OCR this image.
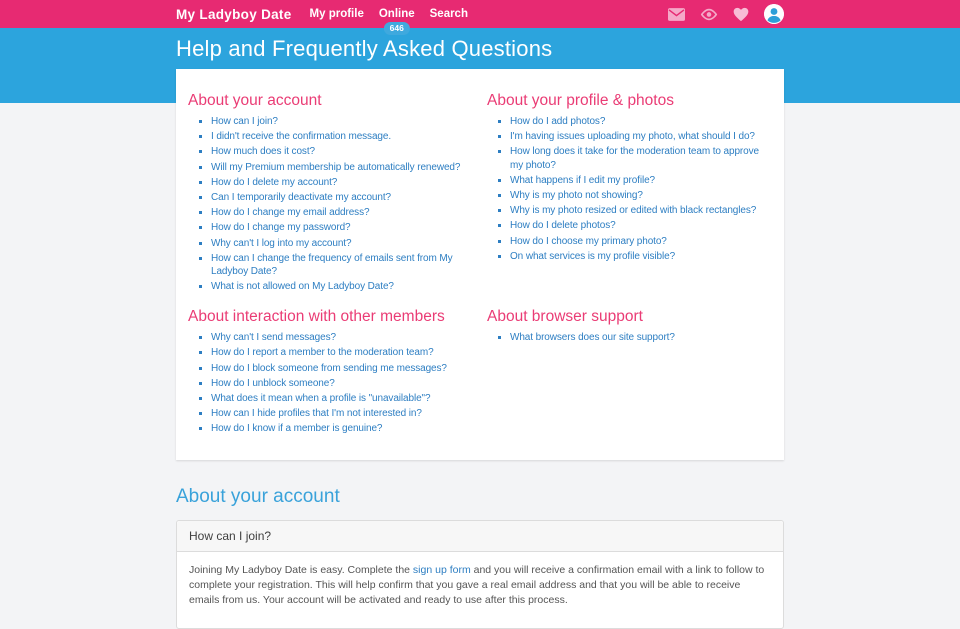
My Ladyboy Date My profile Online
646
Search
Help and Frequently Asked Questions
About your account
▪ How can I join?
▪ I didn't receive the confirmation message.
▪ How much does it cost?
▪ Will my Premium membership be automatically renewed?
▪ How do I delete my account?
▪ Can I temporarily deactivate my account?
▪ How do I change my email address?
▪ How do I change my password?
▪ Why can't I log into my account?
▪ How can I change the frequency of emails sent from My Ladyboy Date?
▪ What is not allowed on My Ladyboy Date?
About your profile & photos
▪ How do I add photos?
▪ I'm having issues uploading my photo, what should I do?
▪ How long does it take for the moderation team to approve my photo?
▪ What happens if I edit my profile?
▪ Why is my photo not showing?
▪ Why is my photo resized or edited with black rectangles?
▪ How do I delete photos?
▪ How do I choose my primary photo?
▪ On what services is my profile visible?
About interaction with other members
▪ Why can't I send messages?
▪ How do I report a member to the moderation team?
▪ How do I block someone from sending me messages?
▪ How do I unblock someone?
▪ What does it mean when a profile is "unavailable"?
▪ How can I hide profiles that I'm not interested in?
▪ How do I know if a member is genuine?
About browser support
▪ What browsers does our site support?
About your account
How can I join?
Joining My Ladyboy Date is easy. Complete the sign up form and you will receive a confirmation email with a link to follow to complete your registration. This will help confirm that you gave a real email address and that you will be able to receive emails from us. Your account will be activated and ready to use after this process.
